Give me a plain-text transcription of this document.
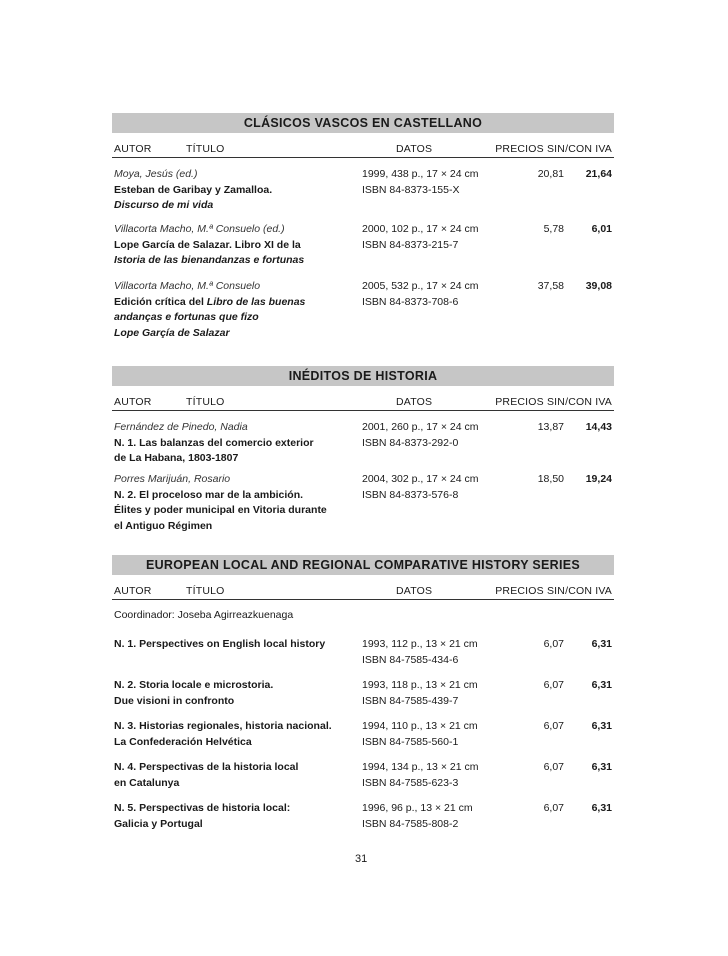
CLÁSICOS VASCOS EN CASTELLANO
AUTOR	TÍTULO	DATOS	PRECIOS SIN/CON IVA
Moya, Jesús (ed.)
Esteban de Garibay y Zamalloa.
Discurso de mi vida
1999, 438 p., 17 × 24 cm
ISBN 84-8373-155-X
20,81	21,64
Villacorta Macho, M.ª Consuelo (ed.)
Lope García de Salazar. Libro XI de la
Istoria de las bienandanzas e fortunas
2000, 102 p., 17 × 24 cm
ISBN 84-8373-215-7
5,78	6,01
Villacorta Macho, M.ª Consuelo
Edición crítica del Libro de las buenas
andanças e fortunas que fizo
Lope Garçía de Salazar
2005, 532 p., 17 × 24 cm
ISBN 84-8373-708-6
37,58	39,08
INÉDITOS DE HISTORIA
AUTOR	TÍTULO	DATOS	PRECIOS SIN/CON IVA
Fernández de Pinedo, Nadia
N. 1. Las balanzas del comercio exterior
de La Habana, 1803-1807
2001, 260 p., 17 × 24 cm
ISBN 84-8373-292-0
13,87	14,43
Porres Marijuán, Rosario
N. 2. El proceloso mar de la ambición.
Élites y poder municipal en Vitoria durante
el Antiguo Régimen
2004, 302 p., 17 × 24 cm
ISBN 84-8373-576-8
18,50	19,24
EUROPEAN LOCAL AND REGIONAL COMPARATIVE HISTORY SERIES
AUTOR	TÍTULO	DATOS	PRECIOS SIN/CON IVA
Coordinador: Joseba Agirreazkuenaga
N. 1. Perspectives on English local history	1993, 112 p., 13 × 21 cm
ISBN 84-7585-434-6
6,07	6,31
N. 2. Storia locale e microstoria.
Due visioni in confronto
1993, 118 p., 13 × 21 cm
ISBN 84-7585-439-7
6,07	6,31
N. 3. Historias regionales, historia nacional.
La Confederación Helvética
1994, 110 p., 13 × 21 cm
ISBN 84-7585-560-1
6,07	6,31
N. 4. Perspectivas de la historia local
en Catalunya
1994, 134 p., 13 × 21 cm
ISBN 84-7585-623-3
6,07	6,31
N. 5. Perspectivas de historia local:
Galicia y Portugal
1996, 96 p., 13 × 21 cm
ISBN 84-7585-808-2
6,07	6,31
31
